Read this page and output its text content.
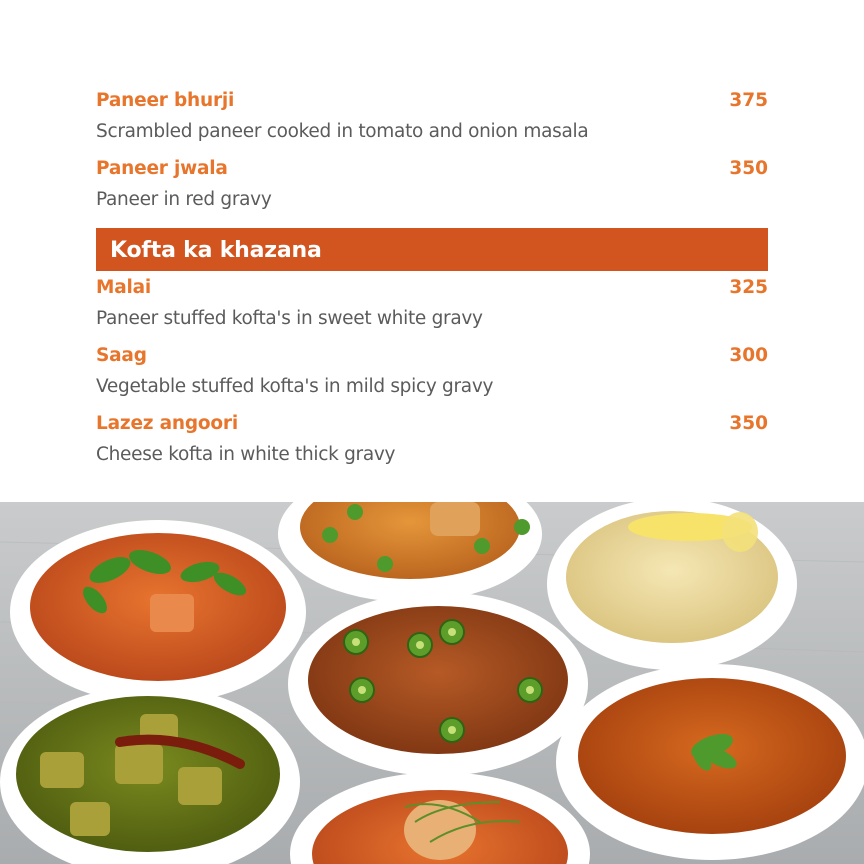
Paneer bhurji	375
Scrambled paneer cooked in tomato and onion masala
Paneer jwala	350
Paneer in red gravy
Kofta ka khazana
Malai	325
Paneer stuffed kofta's in sweet white gravy
Saag	300
Vegetable stuffed kofta's in mild spicy gravy
Lazez angoori	350
Cheese kofta in white thick gravy
